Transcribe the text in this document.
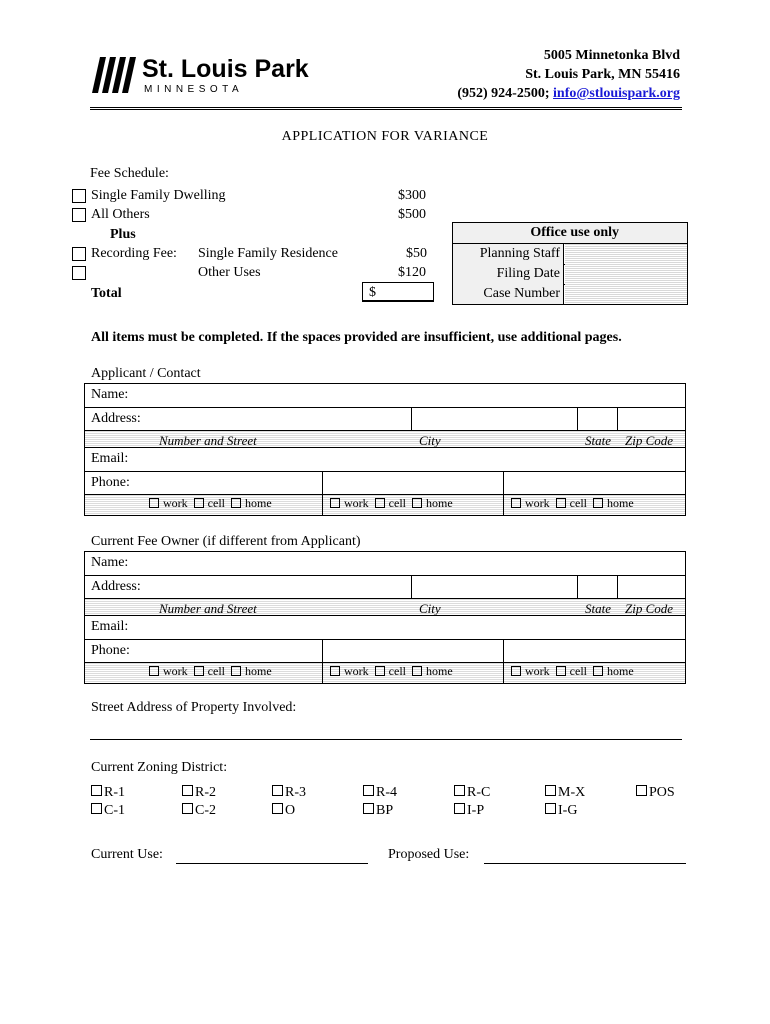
St. Louis Park
MINNESOTA
5005 Minnetonka Blvd
St. Louis Park, MN 55416
(952) 924-2500; info@stlouispark.org
APPLICATION FOR VARIANCE
Fee Schedule:
Single Family Dwelling	$300
All Others	$500
Plus
Recording Fee: Single Family Residence	$50
Other Uses	$120
Total	$
Office use only
Planning Staff
Filing Date
Case Number
All items must be completed. If the spaces provided are insufficient, use additional pages.
Applicant / Contact
Name:
Address:
Number and Street	City	State Zip Code
Email:
Phone:
work cell home	work cell home	work cell home
Current Fee Owner (if different from Applicant)
Name:
Address:
Number and Street	City	State Zip Code
Email:
Phone:
work cell home	work cell home	work cell home
Street Address of Property Involved:
Current Zoning District:
R-1	R-2	R-3	R-4	R-C	M-X	POS
C-1	C-2	O	BP	I-P	I-G
Current Use:	Proposed Use:
